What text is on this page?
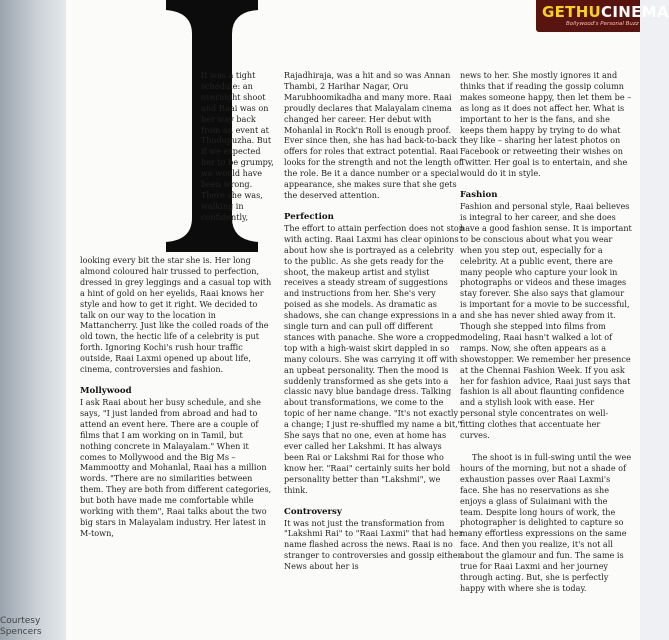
Courtesy
Spencers

It was a tight schedule: an overnight shoot and Raai was on her way back from an event at Thodupuzha. But if we expected her to be grumpy, we would have been wrong. There she was, walking in confidently,

looking every bit the star she is. Her long almond coloured hair trussed to perfection, dressed in grey leggings and a casual top with a hint of gold on her eyelids, Raai knows her style and how to get it right. We decided to talk on our way to the location in Mattancherry. Just like the coiled roads of the old town, the hectic life of a celebrity is put forth. Ignoring Kochi's rush hour traffic outside, Raai Laxmi opened up about life, cinema, controversies and fashion.

Mollywood

I ask Raai about her busy schedule, and she says, "I just landed from abroad and had to attend an event here. There are a couple of films that I am working on in Tamil, but nothing concrete in Malayalam." When it comes to Mollywood and the Big Ms – Mammootty and Mohanlal, Raai has a million words. "There are no similarities between them. They are both from different categories, but both have made me comfortable while working with them", Raai talks about the two big stars in Malayalam industry. Her latest in M-town,

Rajadhiraja, was a hit and so was Annan Thambi, 2 Harihar Nagar, Oru Marubhoomikadha and many more. Raai proudly declares that Malayalam cinema changed her career. Her debut with Mohanlal in Rock'n Roll is enough proof. Ever since then, she has had back-to-back offers for roles that extract potential. Raai looks for the strength and not the length of the role. Be it a dance number or a special appearance, she makes sure that she gets the deserved attention.

Perfection

The effort to attain perfection does not stop with acting. Raai Laxmi has clear opinions about how she is portrayed as a celebrity to the public. As she gets ready for the shoot, the makeup artist and stylist receives a steady stream of suggestions and instructions from her. She's very poised as she models. As dramatic as shadows, she can change expressions in a single turn and can pull off different stances with panache. She wore a cropped top with a high-waist skirt dappled in so many colours. She was carrying it off with an upbeat personality. Then the mood is suddenly transformed as she gets into a classic navy blue bandage dress. Talking about transformations, we come to the topic of her name change. "It's not exactly a change; I just re-shuffled my name a bit," She says that no one, even at home has ever called her Lakshmi. It has always been Rai or Lakshmi Rai for those who know her. "Raai" certainly suits her bold personality better than "Lakshmi", we think.

Controversy

It was not just the transformation from "Lakshmi Rai" to "Raai Laxmi" that had her name flashed across the news. Raai is no stranger to controversies and gossip either. News about her is

news to her. She mostly ignores it and thinks that if reading the gossip column makes someone happy, then let them be – as long as it does not affect her. What is important to her is the fans, and she keeps them happy by trying to do what they like – sharing her latest photos on Facebook or retweeting their wishes on Twitter. Her goal is to entertain, and she would do it in style.

Fashion

Fashion and personal style, Raai believes is integral to her career, and she does have a good fashion sense. It is important to be conscious about what you wear when you step out, especially for a celebrity. At a public event, there are many people who capture your look in photographs or videos and these images stay forever. She also says that glamour is important for a movie to be successful, and she has never shied away from it. Though she stepped into films from modeling, Raai hasn't walked a lot of ramps. Now, she often appears as a showstopper. We remember her presence at the Chennai Fashion Week. If you ask her for fashion advice, Raai just says that fashion is all about flaunting confidence and a stylish look with ease. Her personal style concentrates on well-fitting clothes that accentuate her curves.

The shoot is in full-swing until the wee hours of the morning, but not a shade of exhaustion passes over Raai Laxmi's face. She has no reservations as she enjoys a glass of Sulaimani with the team. Despite long hours of work, the photographer is delighted to capture so many effortless expressions on the same face. And then you realize, it's not all about the glamour and fun. The same is true for Raai Laxmi and her journey through acting. But, she is perfectly happy with where she is today.

GETHUCINEMA
Bollywood's Personal Buzz
